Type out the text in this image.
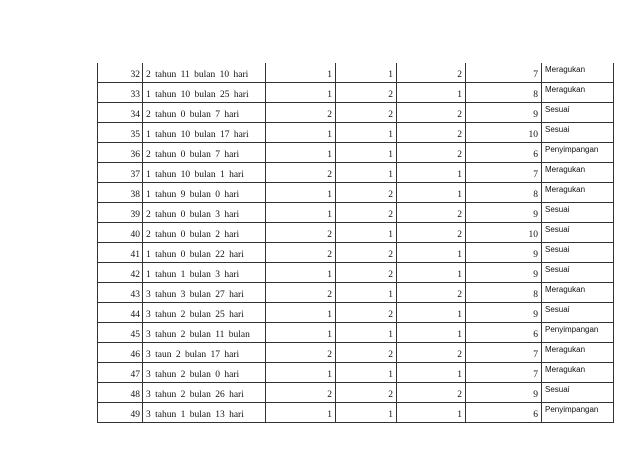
32	2 tahun 11 bulan 10 hari	1	1	2	7	Meragukan
33	1 tahun 10 bulan 25 hari	1	2	1	8	Meragukan
34	2 tahun 0 bulan 7 hari	2	2	2	9	Sesuai
35	1 tahun 10 bulan 17 hari	1	1	2	10	Sesuai
36	2 tahun 0 bulan 7 hari	1	1	2	6	Penyimpangan
37	1 tahun 10 bulan 1 hari	2	1	1	7	Meragukan
38	1 tahun 9 bulan 0 hari	1	2	1	8	Meragukan
39	2 tahun 0 bulan 3 hari	1	2	2	9	Sesuai
40	2 tahun 0 bulan 2 hari	2	1	2	10	Sesuai
41	1 tahun 0 bulan 22 hari	2	2	1	9	Sesuai
42	1 tahun 1 bulan 3 hari	1	2	1	9	Sesuai
43	3 tahun 3 bulan 27 hari	2	1	2	8	Meragukan
44	3 tahun 2 bulan 25 hari	1	2	1	9	Sesuai
45	3 tahun 2 bulan 11 bulan	1	1	1	6	Penyimpangan
46	3 taun 2 bulan 17 hari	2	2	2	7	Meragukan
47	3 tahun 2 bulan 0 hari	1	1	1	7	Meragukan
48	3 tahun 2 bulan 26 hari	2	2	2	9	Sesuai
49	3 tahun 1 bulan 13 hari	1	1	1	6	Penyimpangan
